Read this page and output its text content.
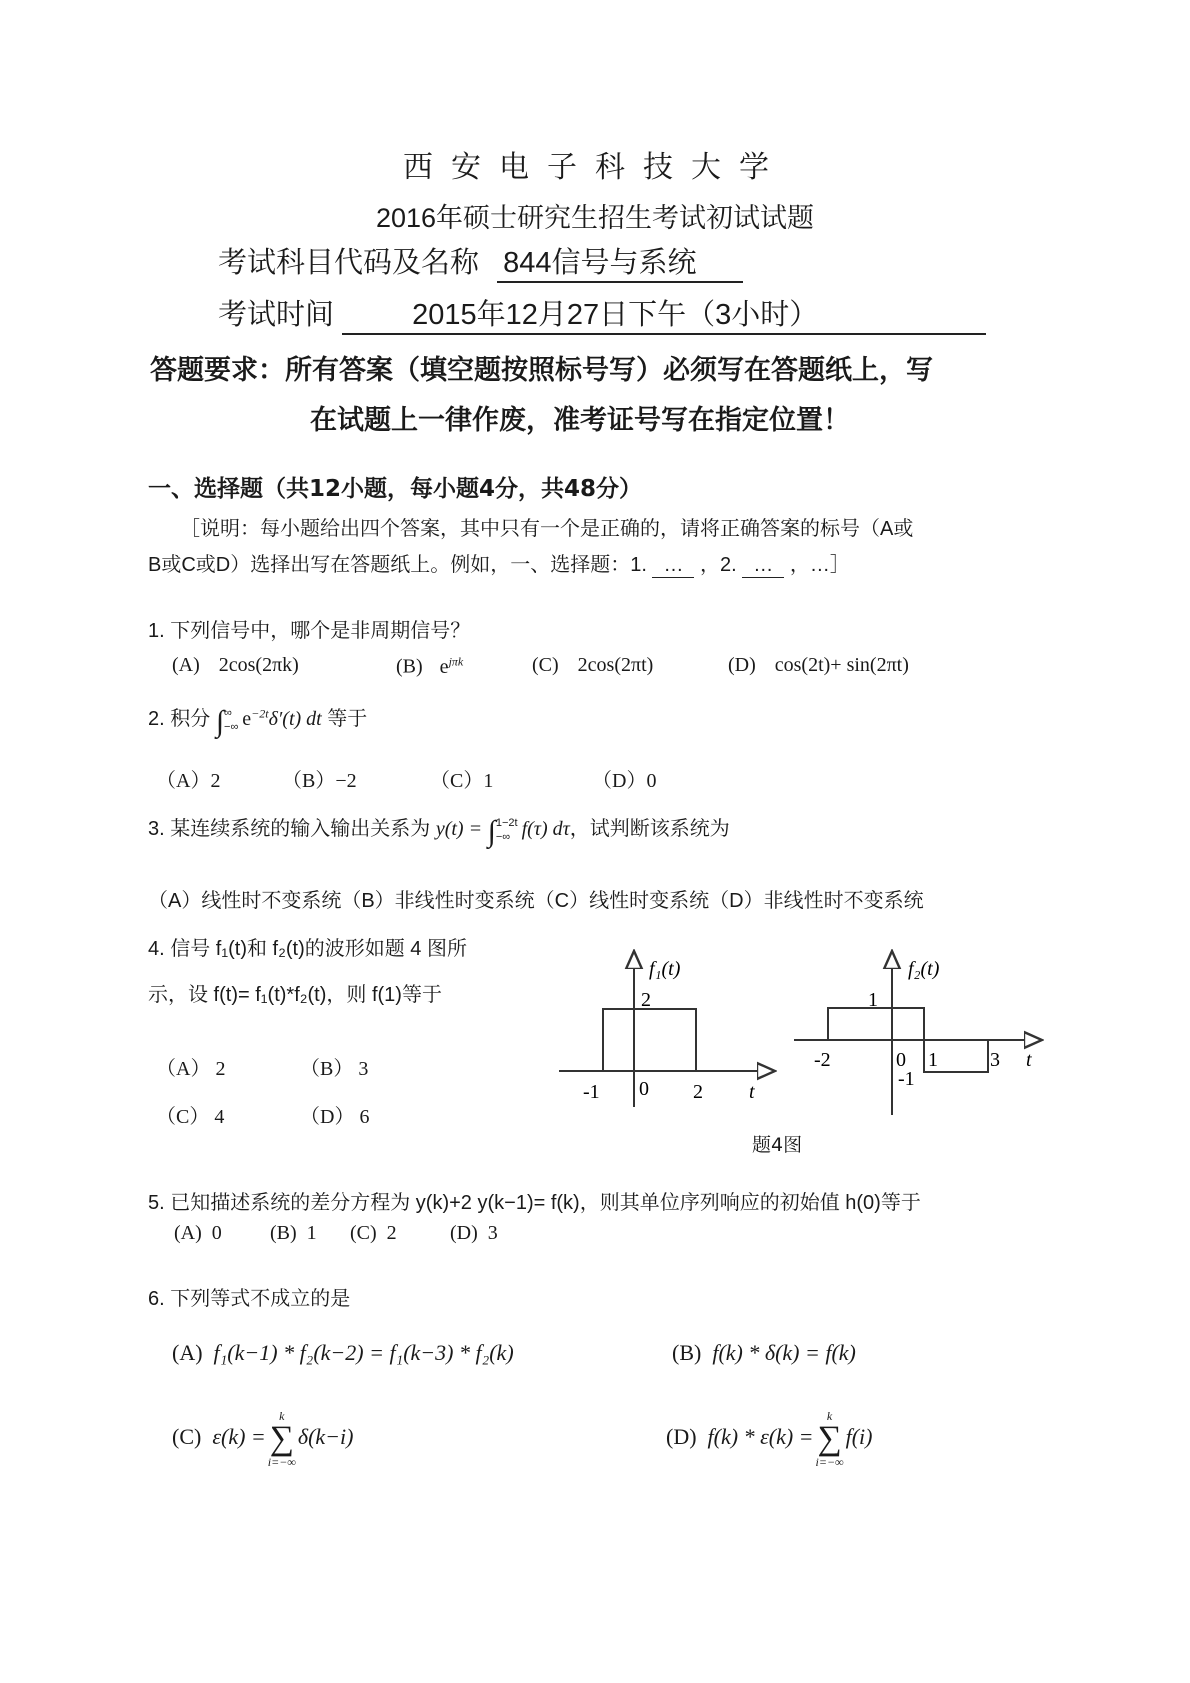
西安电子科技大学
2016年硕士研究生招生考试初试试题
考试科目代码及名称 844信号与系统
考试时间	2015年12月27日下午（3小时）
答题要求：所有答案（填空题按照标号写）必须写在答题纸上，写
在试题上一律作废，准考证号写在指定位置！
一、选择题（共12小题，每小题4分，共48分）
［说明：每小题给出四个答案，其中只有一个是正确的，请将正确答案的标号（A或
B或C或D）选择出写在答题纸上。例如，一、选择题：1. … ，2. … ，…］
1. 下列信号中，哪个是非周期信号？
(A) 2cos(2πk)	(B) $e^{j\pi k}$	(C) 2cos(2πt)	(D) cos(2t)+ sin(2πt)
2. 积分 ∫ ∞
−∞ $e^{-2t}\delta'(t)$ dt 等于
（A）2	（B）−2	（C）1	（D）0
3. 某连续系统的输入输出关系为 y(t) = ∫ 1−2t
−∞ f(τ) dτ，试判断该系统为
（A）线性时不变系统（B）非线性时变系统（C）线性时变系统（D）非线性时不变系统
4. 信号 f₁(t)和 f₂(t)的波形如题 4 图所
示，设 f(t)= f₁(t)*f₂(t)，则 f(1)等于
（A） 2	（B） 3
（C） 4	（D） 6
f₁(t)
2
-1 0 2 t
f₂(t)
1
-1
-2	0 1	3 t
题4图
5. 已知描述系统的差分方程为 y(k)+2 y(k−1)= f(k)，则其单位序列响应的初始值 h(0)等于
(A) 0 (B) 1 (C) 2	(D) 3
6. 下列等式不成立的是
(A) f₁(k−1) * f₂(k−2) = f₁(k−3) * f₂(k)	(B) f(k) * δ(k) = f(k)
(C) ε(k) =
k
∑
i=−∞
δ(k−i)	(D) f(k) * ε(k) =
k
∑
i=−∞
f(i)
